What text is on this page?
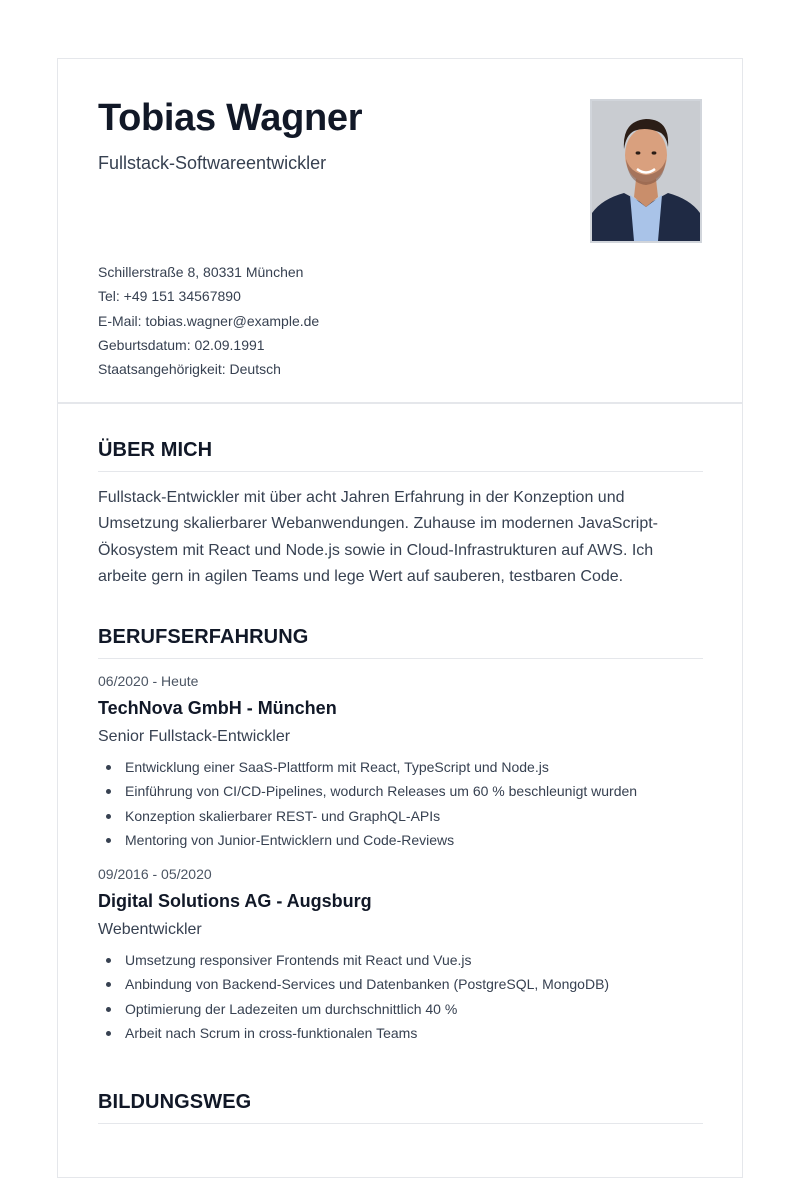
Tobias Wagner

Fullstack-Softwareentwickler

Schillerstraße 8, 80331 München
Tel: +49 151 34567890
E-Mail: tobias.wagner@example.de
Geburtsdatum: 02.09.1991
Staatsangehörigkeit: Deutsch
ÜBER MICH

Fullstack-Entwickler mit über acht Jahren Erfahrung in der Konzeption und Umsetzung skalierbarer Webanwendungen. Zuhause im modernen JavaScript-Ökosystem mit React und Node.js sowie in Cloud-Infrastrukturen auf AWS. Ich arbeite gern in agilen Teams und lege Wert auf sauberen, testbaren Code.

BERUFSERFAHRUNG
06/2020 - Heute
TechNova GmbH - München
Senior Fullstack-Entwickler
Entwicklung einer SaaS-Plattform mit React, TypeScript und Node.js
Einführung von CI/CD-Pipelines, wodurch Releases um 60 % beschleunigt wurden
Konzeption skalierbarer REST- und GraphQL-APIs
Mentoring von Junior-Entwicklern und Code-Reviews
09/2016 - 05/2020
Digital Solutions AG - Augsburg
Webentwickler
Umsetzung responsiver Frontends mit React und Vue.js
Anbindung von Backend-Services und Datenbanken (PostgreSQL, MongoDB)
Optimierung der Ladezeiten um durchschnittlich 40 %
Arbeit nach Scrum in cross-funktionalen Teams
BILDUNGSWEG
